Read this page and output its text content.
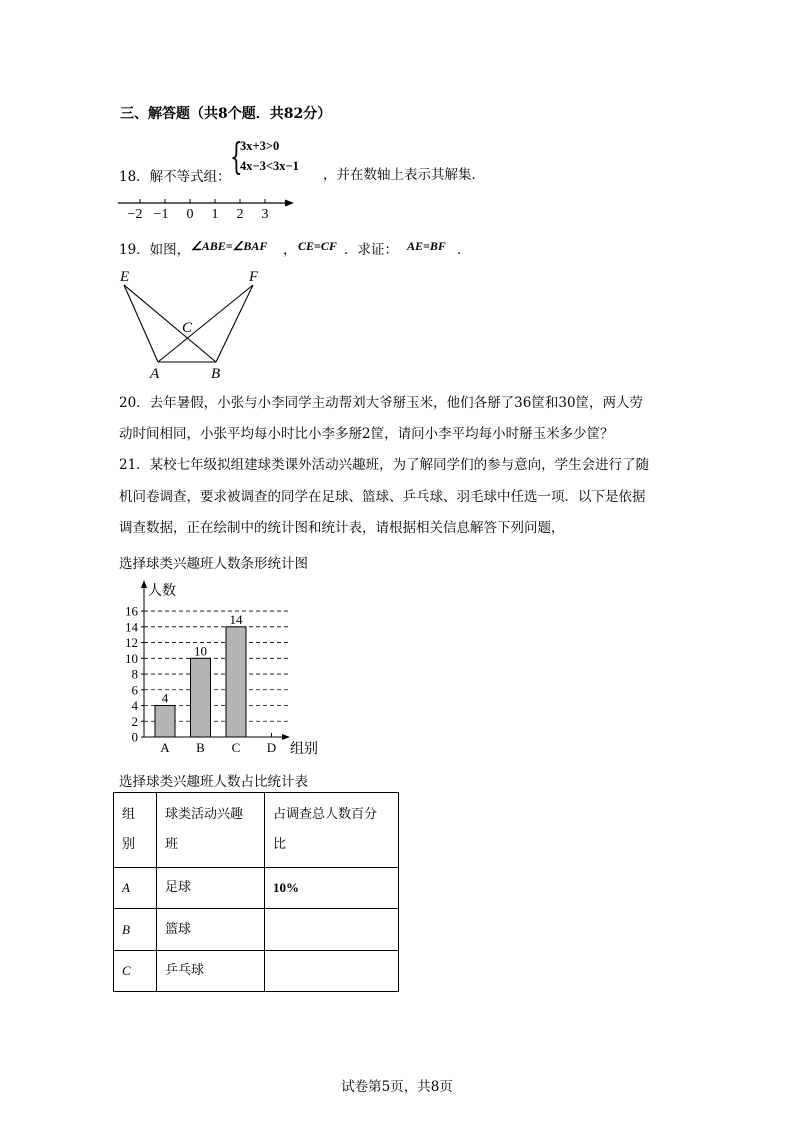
三、解答题（共8个题．共82分）
{
3x+3>0
4x−3<3x−1
18．解不等式组：	，并在数轴上表示其解集．
−2 −1 0 1 2 3
19．如图， ∠ABE=∠BAF ， CE=CF ．求证： AE=BF ．
E	F
C
A	B
20．去年暑假，小张与小李同学主动帮刘大爷掰玉米，他们各掰了36筐和30筐，两人劳
动时间相同，小张平均每小时比小李多掰2筐，请问小李平均每小时掰玉米多少筐？
21．某校七年级拟组建球类课外活动兴趣班，为了解同学们的参与意向，学生会进行了随
机问卷调查，要求被调查的同学在足球、篮球、乒乓球、羽毛球中任选一项．以下是依据
调查数据，正在绘制中的统计图和统计表，请根据相关信息解答下列问题，
选择球类兴趣班人数条形统计图
0
2
4
6
8
10
12
14
16
4
A
10
B
14
C D
人数
组别
选择球类兴趣班人数占比统计表
组
别	球类活动兴趣
班	占调查总人数百分
比
A	足球	10%
B	篮球	
C	乒乓球	
试卷第5页，共8页
